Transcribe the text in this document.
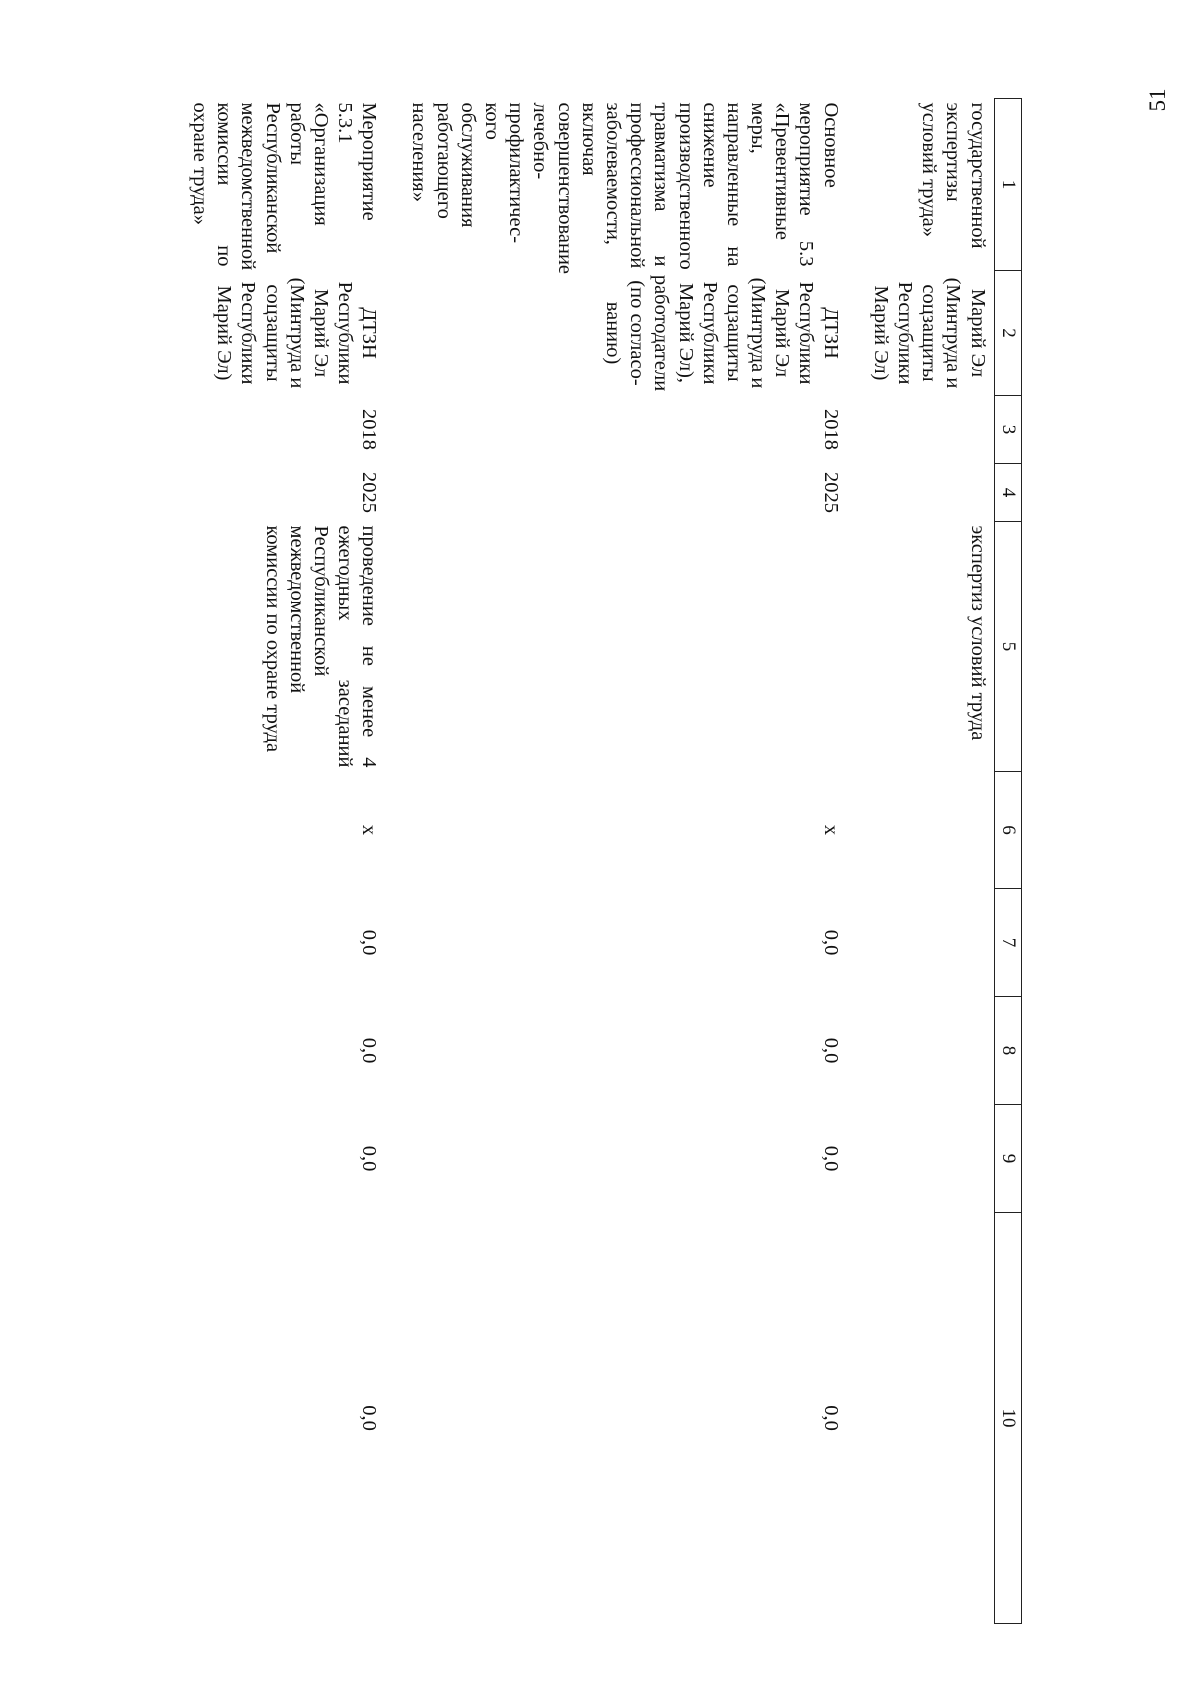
51
1	2	3	4	5	6	7	8	9	10
государственной экспертизы условий труда»	Марий Эл (Минтруда и соцзащиты Республики Марий Эл)			экспертиз условий труда					
Основное мероприятие 5.3 «Превентивные меры, направленные на снижение производственного травматизма и профессиональной заболеваемости, включая совершенствование лечебно-профилактического обслуживания работающего населения»	ДТЗН Республики Марий Эл (Минтруда и соцзащиты Республики Марий Эл), работодатели (по согласованию)	2018	2025		х	0,0	0,0	0,0	0,0
Мероприятие 5.3.1 «Организация работы Республиканской межведомственной комиссии по охране труда»	ДТЗН Республики Марий Эл (Минтруда и соцзащиты Республики Марий Эл)	2018	2025	проведение не менее 4 ежегодных заседаний Республиканской межведомственной комиссии по охране труда	х	0,0	0,0	0,0	0,0
